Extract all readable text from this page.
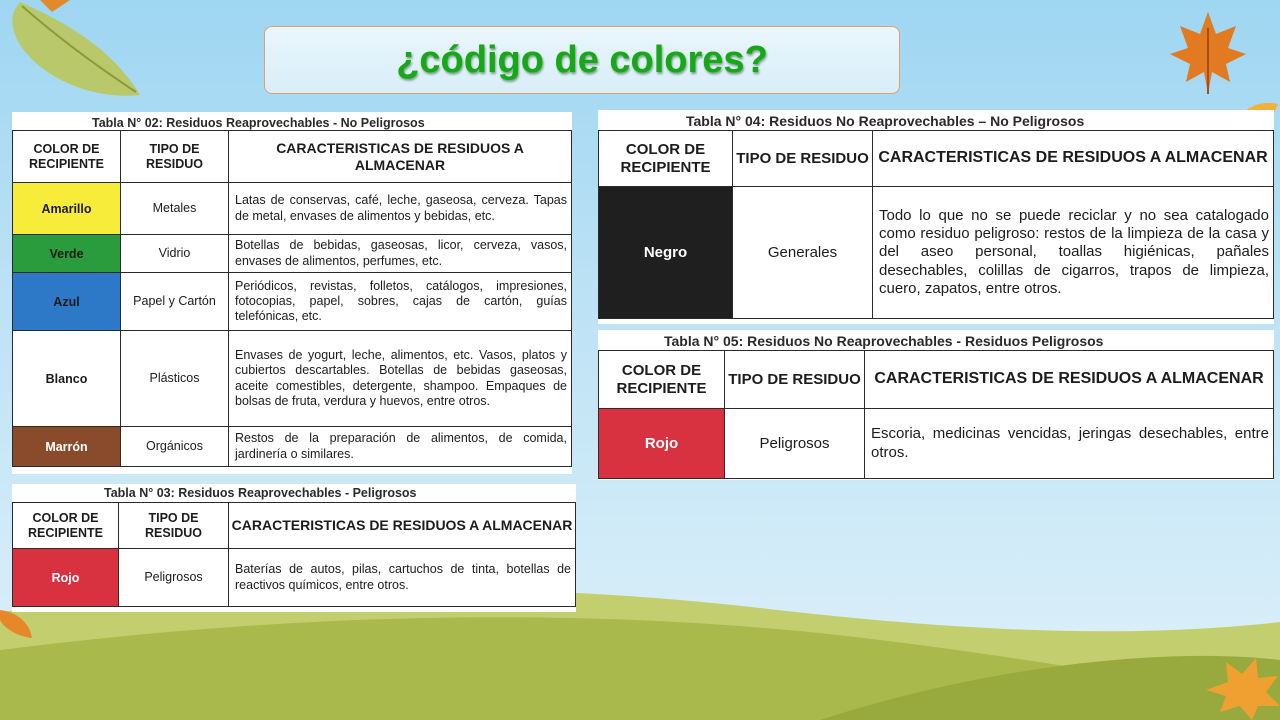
¿código de colores?
Tabla N° 02: Residuos Reaprovechables - No Peligrosos
COLOR DE RECIPIENTE	TIPO DE RESIDUO	CARACTERISTICAS DE RESIDUOS A ALMACENAR
Amarillo	Metales	Latas de conservas, café, leche, gaseosa, cerveza. Tapas de metal, envases de alimentos y bebidas, etc.
Verde	Vidrio	Botellas de bebidas, gaseosas, licor, cerveza, vasos, envases de alimentos, perfumes, etc.
Azul	Papel y Cartón	Periódicos, revistas, folletos, catálogos, impresiones, fotocopias, papel, sobres, cajas de cartón, guías telefónicas, etc.
Blanco	Plásticos	Envases de yogurt, leche, alimentos, etc. Vasos, platos y cubiertos descartables. Botellas de bebidas gaseosas, aceite comestibles, detergente, shampoo. Empaques de bolsas de fruta, verdura y huevos, entre otros.
Marrón	Orgánicos	Restos de la preparación de alimentos, de comida, jardinería o similares.
Tabla N° 03: Residuos Reaprovechables - Peligrosos
COLOR DE RECIPIENTE	TIPO DE RESIDUO	CARACTERISTICAS DE RESIDUOS A ALMACENAR
Rojo	Peligrosos	Baterías de autos, pilas, cartuchos de tinta, botellas de reactivos químicos, entre otros.
Tabla N° 04: Residuos No Reaprovechables – No Peligrosos
COLOR DE RECIPIENTE	TIPO DE RESIDUO	CARACTERISTICAS DE RESIDUOS A ALMACENAR
Negro	Generales	Todo lo que no se puede reciclar y no sea catalogado como residuo peligroso: restos de la limpieza de la casa y del aseo personal, toallas higiénicas, pañales desechables, colillas de cigarros, trapos de limpieza, cuero, zapatos, entre otros.
Tabla N° 05: Residuos No Reaprovechables - Residuos Peligrosos
COLOR DE RECIPIENTE	TIPO DE RESIDUO	CARACTERISTICAS DE RESIDUOS A ALMACENAR
Rojo	Peligrosos	Escoria, medicinas vencidas, jeringas desechables, entre otros.
